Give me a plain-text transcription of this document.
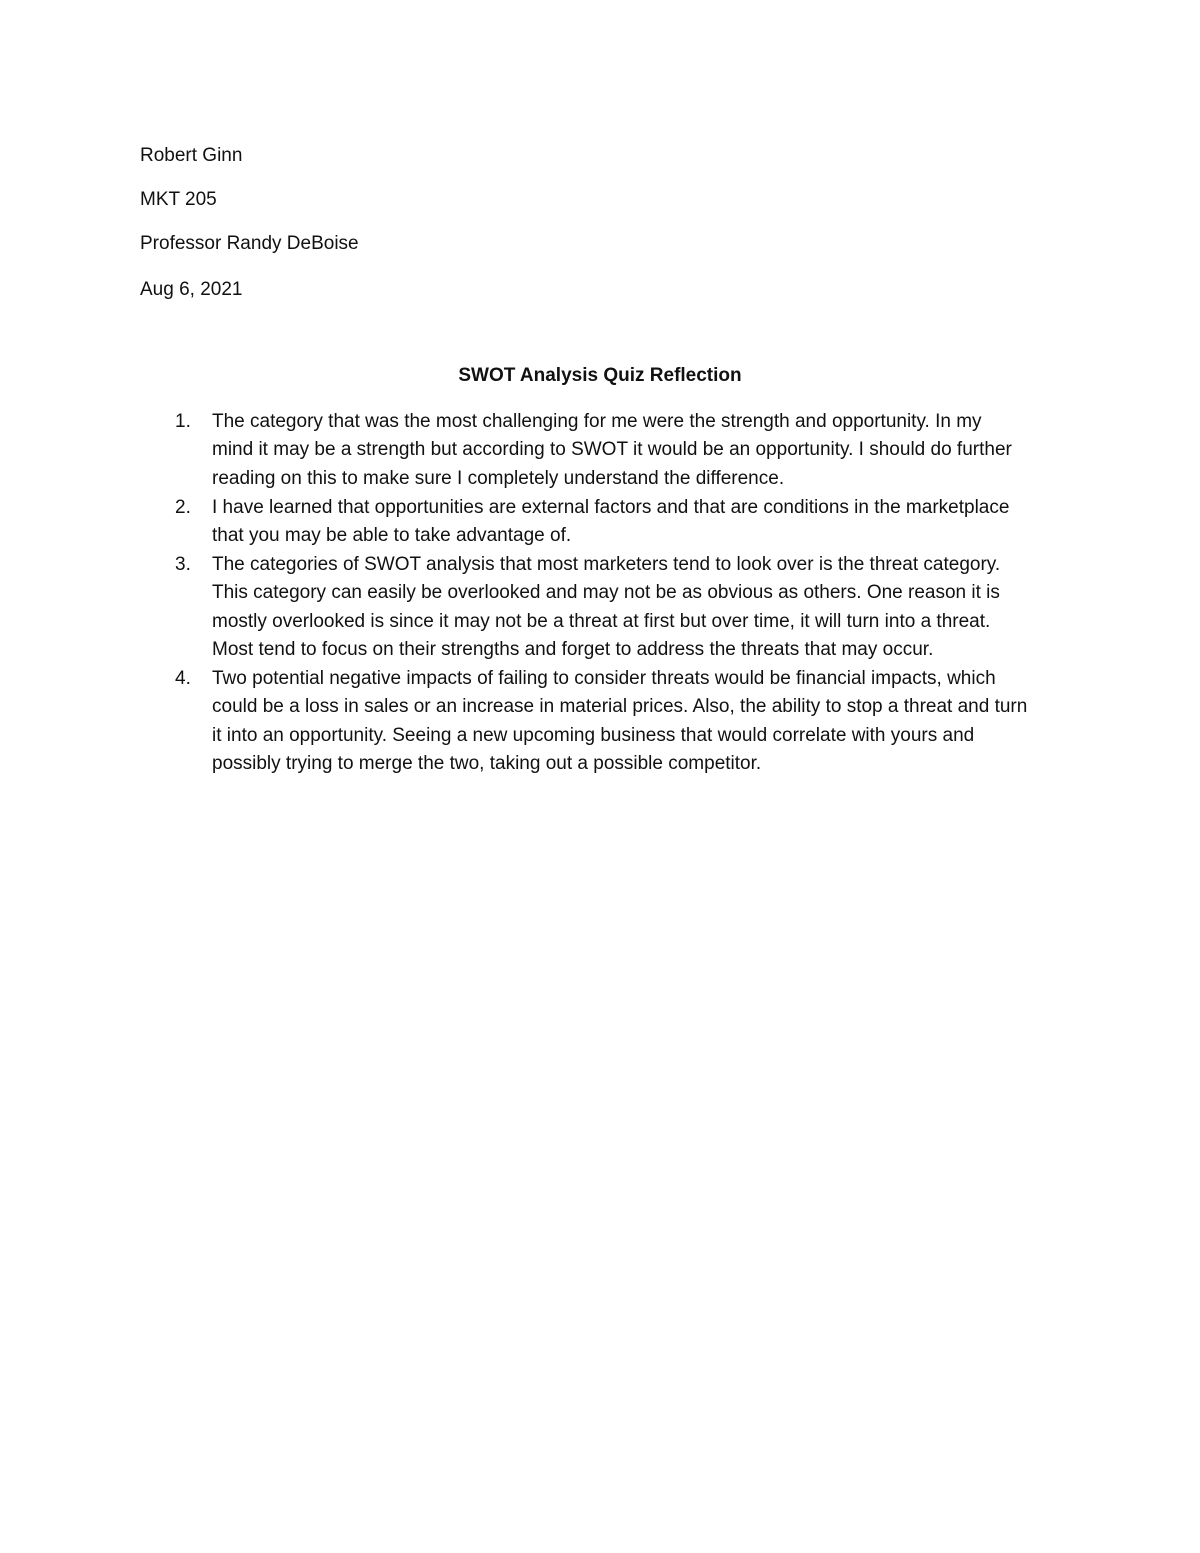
Robert Ginn
MKT 205
Professor Randy DeBoise
Aug 6, 2021
SWOT Analysis Quiz Reflection
1. The category that was the most challenging for me were the strength and opportunity. In my
mind it may be a strength but according to SWOT it would be an opportunity. I should do further
reading on this to make sure I completely understand the difference.
2. I have learned that opportunities are external factors and that are conditions in the marketplace
that you may be able to take advantage of.
3. The categories of SWOT analysis that most marketers tend to look over is the threat category.
This category can easily be overlooked and may not be as obvious as others. One reason it is
mostly overlooked is since it may not be a threat at first but over time, it will turn into a threat.
Most tend to focus on their strengths and forget to address the threats that may occur.
4. Two potential negative impacts of failing to consider threats would be financial impacts, which
could be a loss in sales or an increase in material prices. Also, the ability to stop a threat and turn
it into an opportunity. Seeing a new upcoming business that would correlate with yours and
possibly trying to merge the two, taking out a possible competitor.
